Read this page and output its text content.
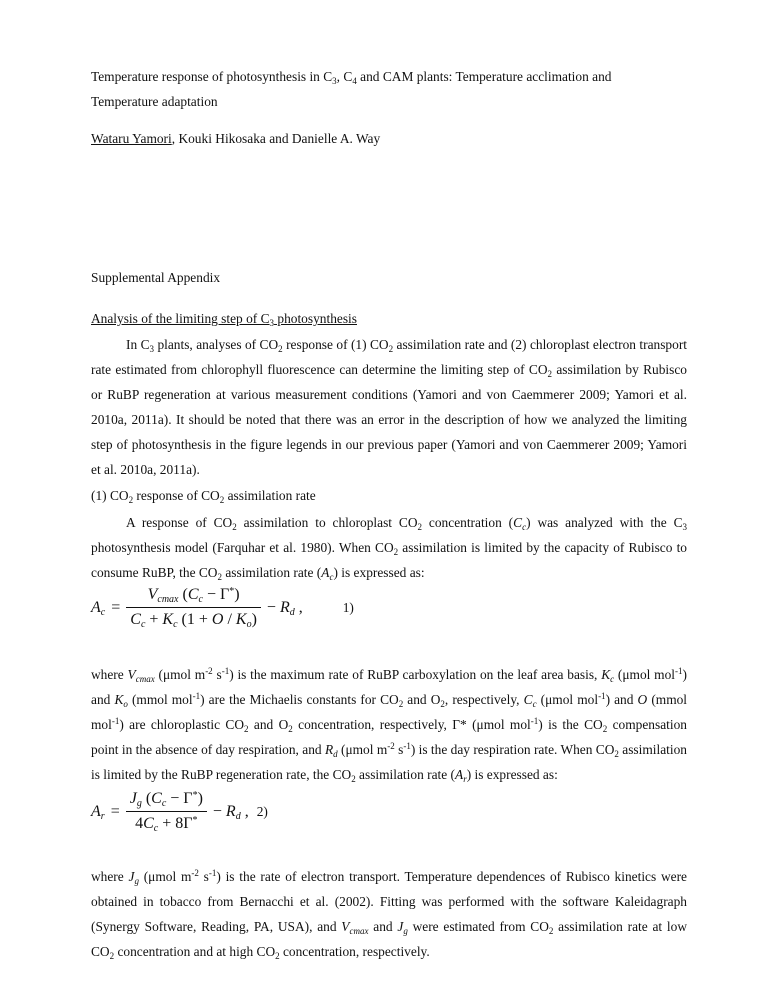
Temperature response of photosynthesis in $C_3$, $C_4$ and CAM plants: Temperature acclimation and
Temperature adaptation

Wataru Yamori, Kouki Hikosaka and Danielle A. Way

Supplemental Appendix

Analysis of the limiting step of $C_3$ photosynthesis

In $C_3$ plants, analyses of $CO_2$ response of (1) $CO_2$ assimilation rate and (2) chloroplast electron transport rate estimated from chlorophyll fluorescence can determine the limiting step of $CO_2$ assimilation by Rubisco or RuBP regeneration at various measurement conditions (Yamori and von Caemmerer 2009; Yamori et al. 2010a, 2011a). It should be noted that there was an error in the description of how we analyzed the limiting step of photosynthesis in the figure legends in our previous paper (Yamori and von Caemmerer 2009; Yamori et al. 2010a, 2011a).

(1) $CO_2$ response of $CO_2$ assimilation rate

A response of $CO_2$ assimilation to chloroplast $CO_2$ concentration $(C_c)$ was analyzed with the $C_3$ photosynthesis model (Farquhar et al. 1980). When $CO_2$ assimilation is limited by the capacity of Rubisco to consume RuBP, the $CO_2$ assimilation rate $(A_c)$ is expressed as:

$A_c = \frac{V_{cmax} (C_c - \Gamma^*)}{C_c + K_c (1 + O / K_o)} - R_d$ ,	1)

where $V_{cmax}$ (μmol $m^{-2}$ $s^{-1}$) is the maximum rate of RuBP carboxylation on the leaf area basis, $K_c$ (μmol mol$^{-1}$) and $K_o$ (mmol mol$^{-1}$) are the Michaelis constants for $CO_2$ and $O_2$, respectively, $C_c$ (μmol mol$^{-1}$) and O (mmol mol$^{-1}$) are chloroplastic $CO_2$ and $O_2$ concentration, respectively, Γ* (μmol mol$^{-1}$) is the $CO_2$ compensation point in the absence of day respiration, and $R_d$ (μmol $m^{-2}$ $s^{-1}$) is the day respiration rate. When $CO_2$ assimilation is limited by the RuBP regeneration rate, the $CO_2$ assimilation rate $(A_r)$ is expressed as:

$A_r = \frac{J_g (C_c - \Gamma^*)}{4C_c + 8\Gamma^*} - R_d$ , 2)

where $J_g$ (μmol $m^{-2}$ $s^{-1}$) is the rate of electron transport. Temperature dependences of Rubisco kinetics were obtained in tobacco from Bernacchi et al. (2002). Fitting was performed with the software Kaleidagraph (Synergy Software, Reading, PA, USA), and $V_{cmax}$ and $J_g$ were estimated from $CO_2$ assimilation rate at low $CO_2$ concentration and at high $CO_2$ concentration, respectively.
